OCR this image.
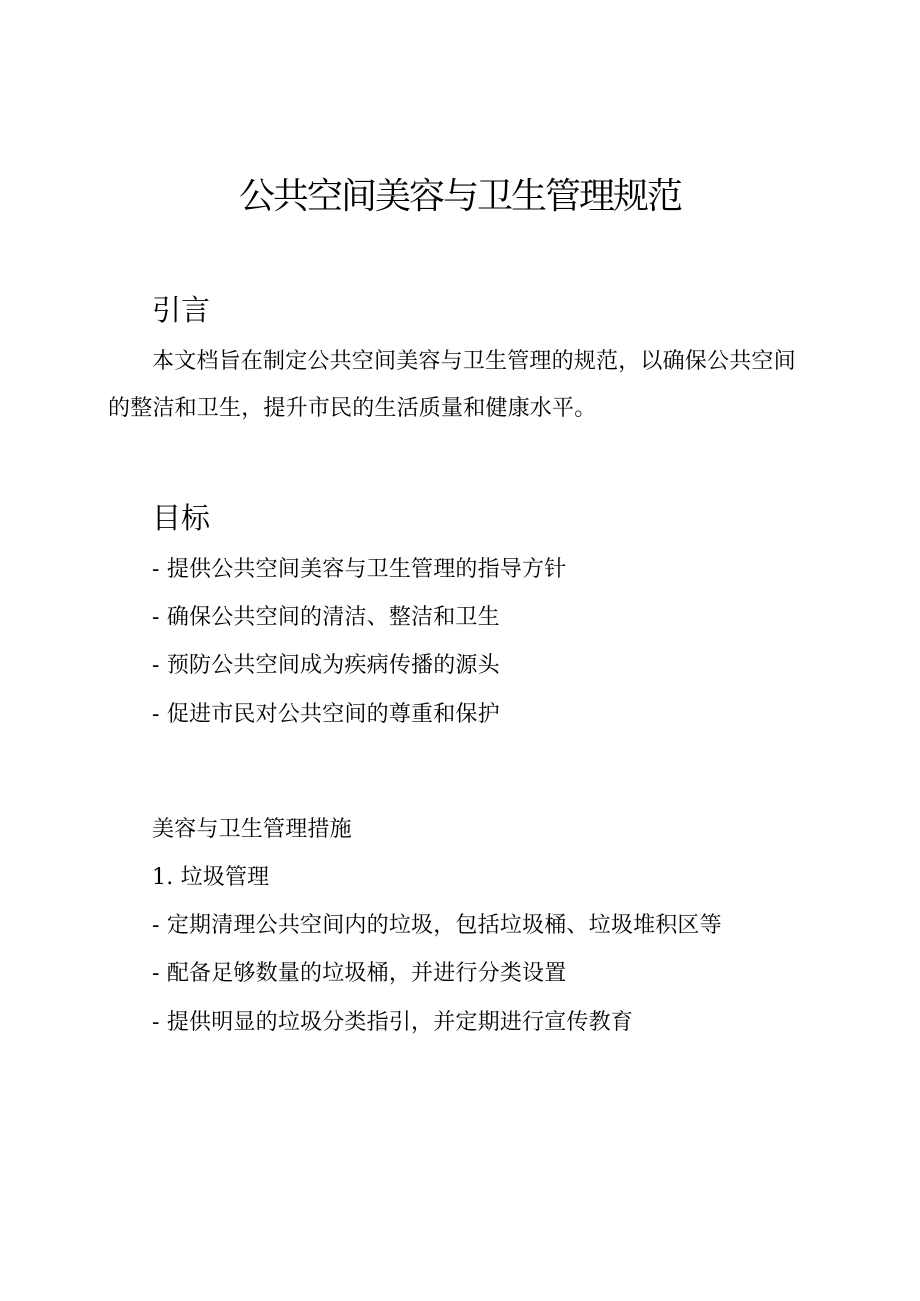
公共空间美容与卫生管理规范
引言

本文档旨在制定公共空间美容与卫生管理的规范，以确保公共空间的整洁和卫生，提升市民的生活质量和健康水平。

目标

- 提供公共空间美容与卫生管理的指导方针

- 确保公共空间的清洁、整洁和卫生

- 预防公共空间成为疾病传播的源头

- 促进市民对公共空间的尊重和保护

美容与卫生管理措施

1. 垃圾管理

- 定期清理公共空间内的垃圾，包括垃圾桶、垃圾堆积区等

- 配备足够数量的垃圾桶，并进行分类设置

- 提供明显的垃圾分类指引，并定期进行宣传教育
